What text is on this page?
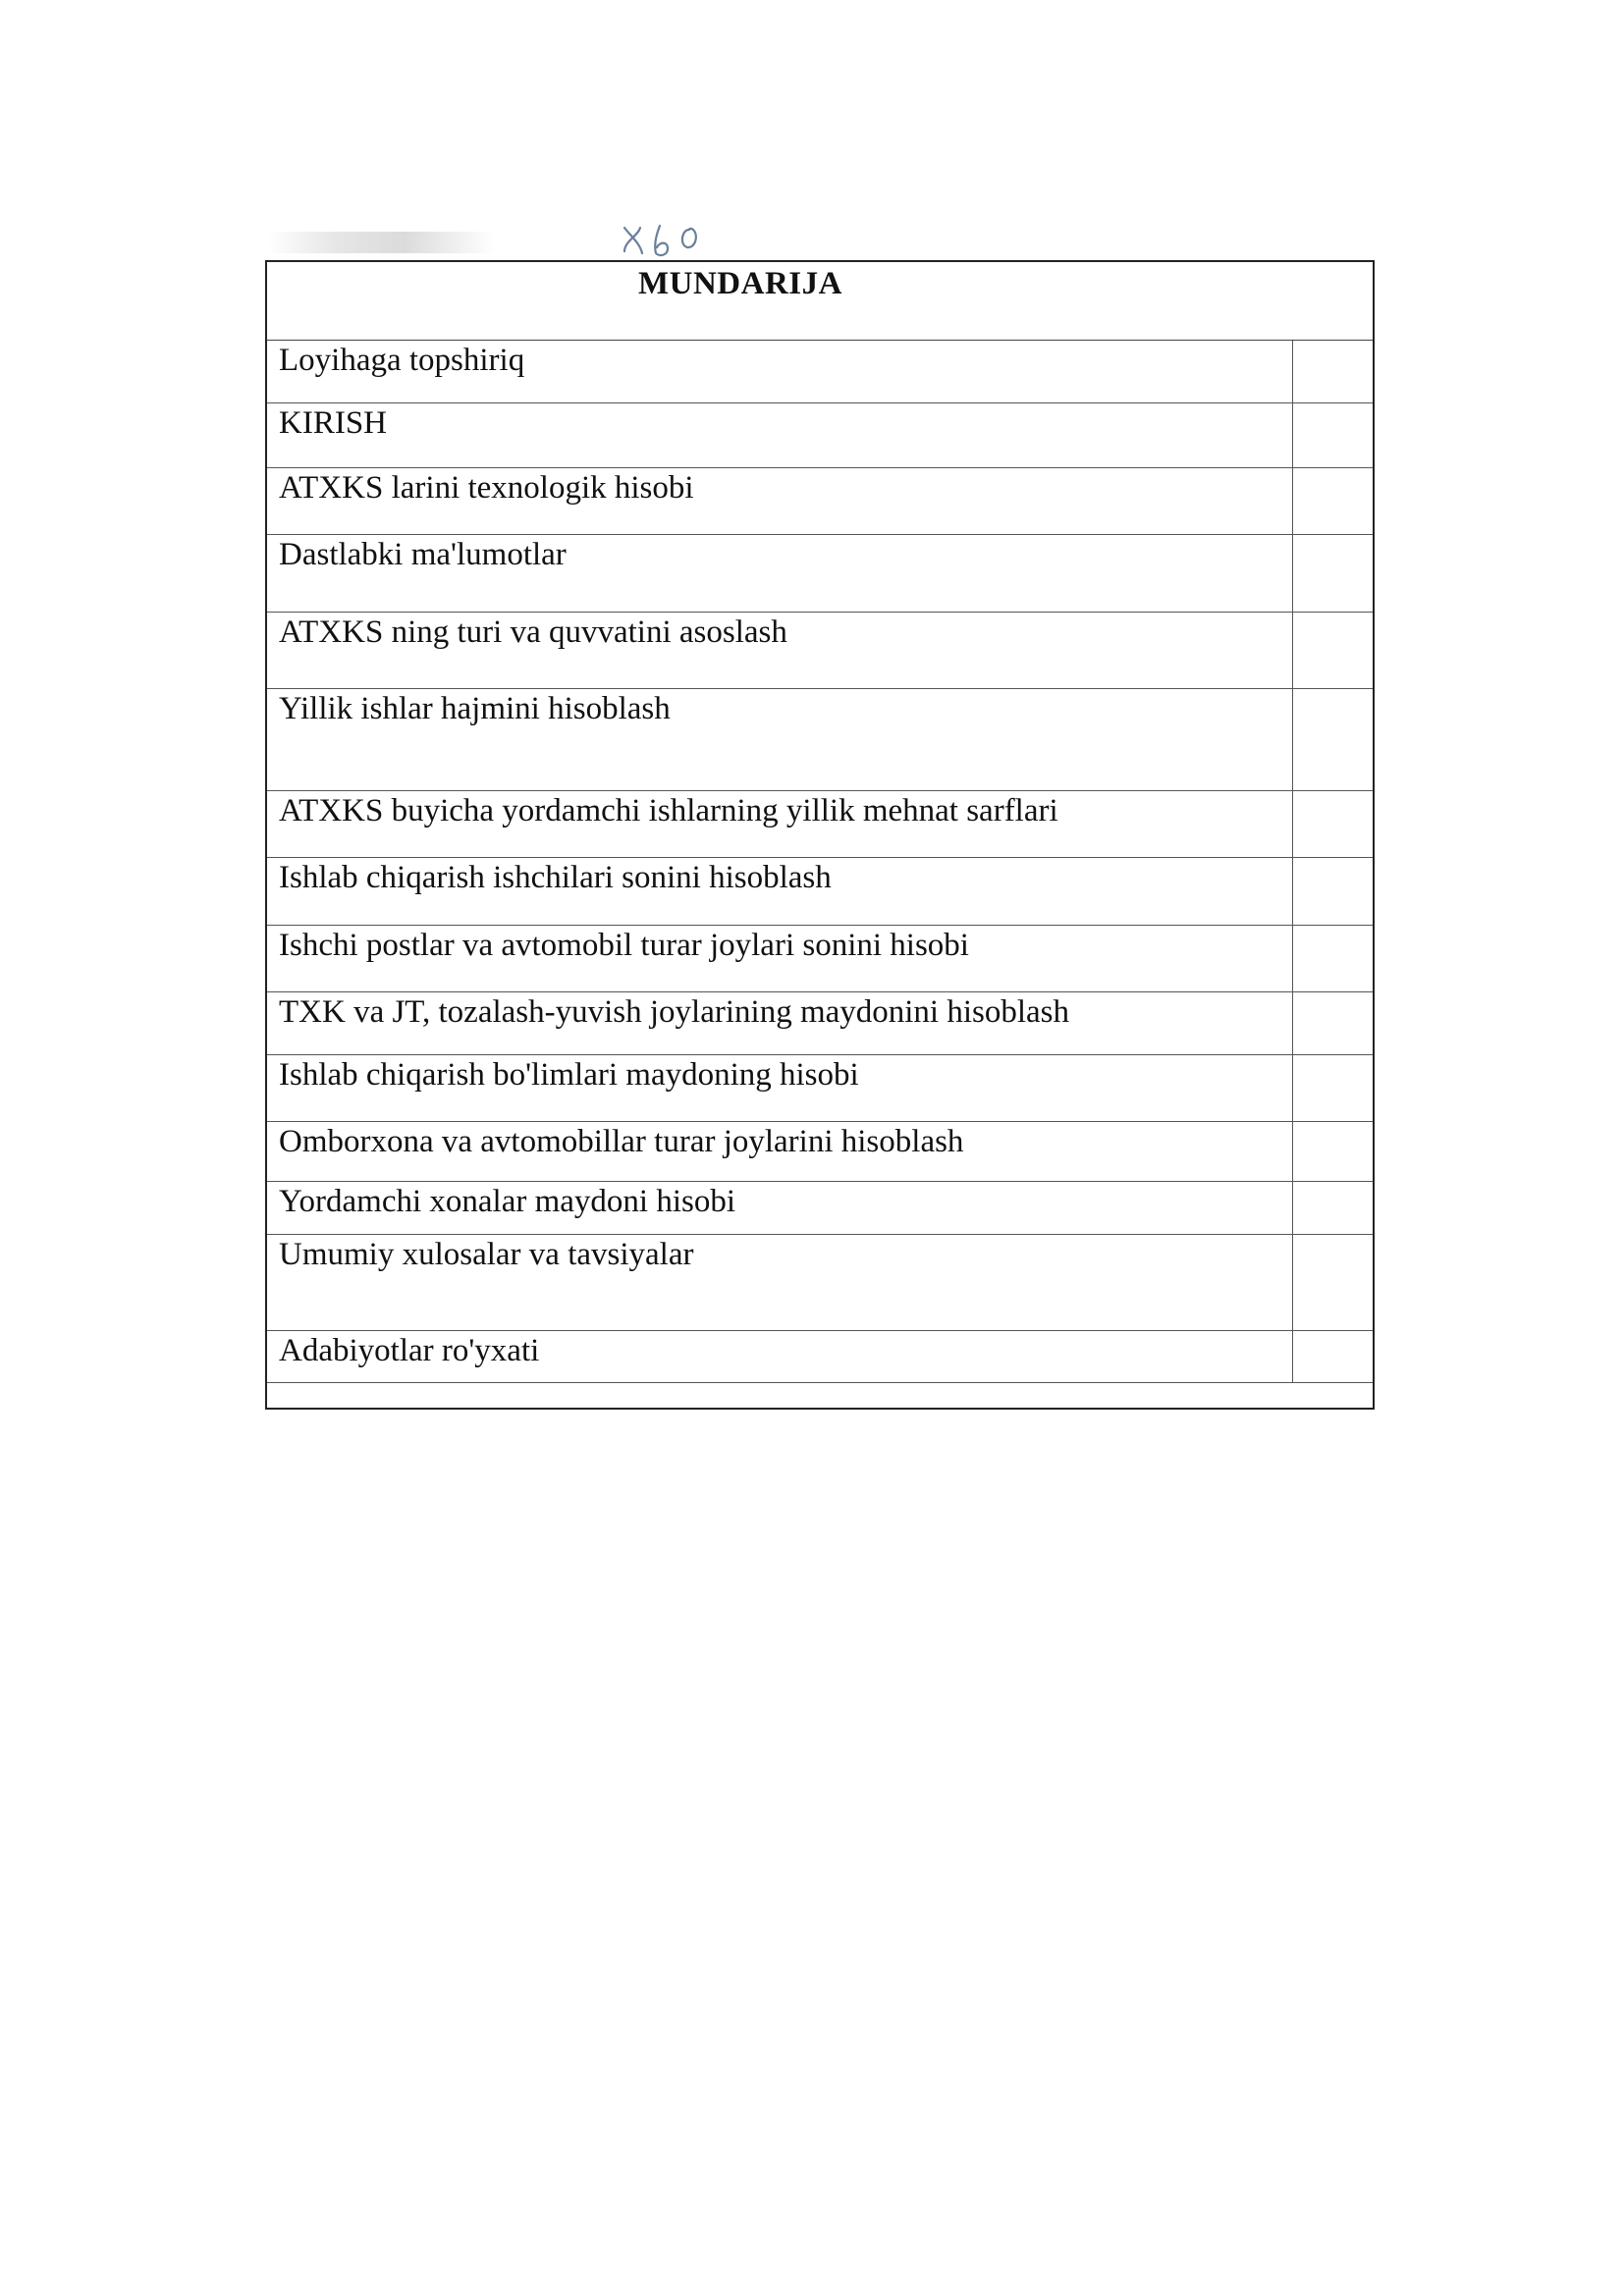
MUNDARIJA
Loyihaga topshiriq
KIRISH
ATXKS larini texnologik hisobi
Dastlabki ma'lumotlar
ATXKS ning turi va quvvatini asoslash
Yillik ishlar hajmini hisoblash
ATXKS buyicha yordamchi ishlarning yillik mehnat sarflari
Ishlab chiqarish ishchilari sonini hisoblash
Ishchi postlar va avtomobil turar joylari sonini hisobi
TXK va JT, tozalash-yuvish joylarining maydonini hisoblash
Ishlab chiqarish bo'limlari maydoning hisobi
Omborxona va avtomobillar turar joylarini hisoblash
Yordamchi xonalar maydoni hisobi
Umumiy xulosalar va tavsiyalar
Adabiyotlar ro'yxati
